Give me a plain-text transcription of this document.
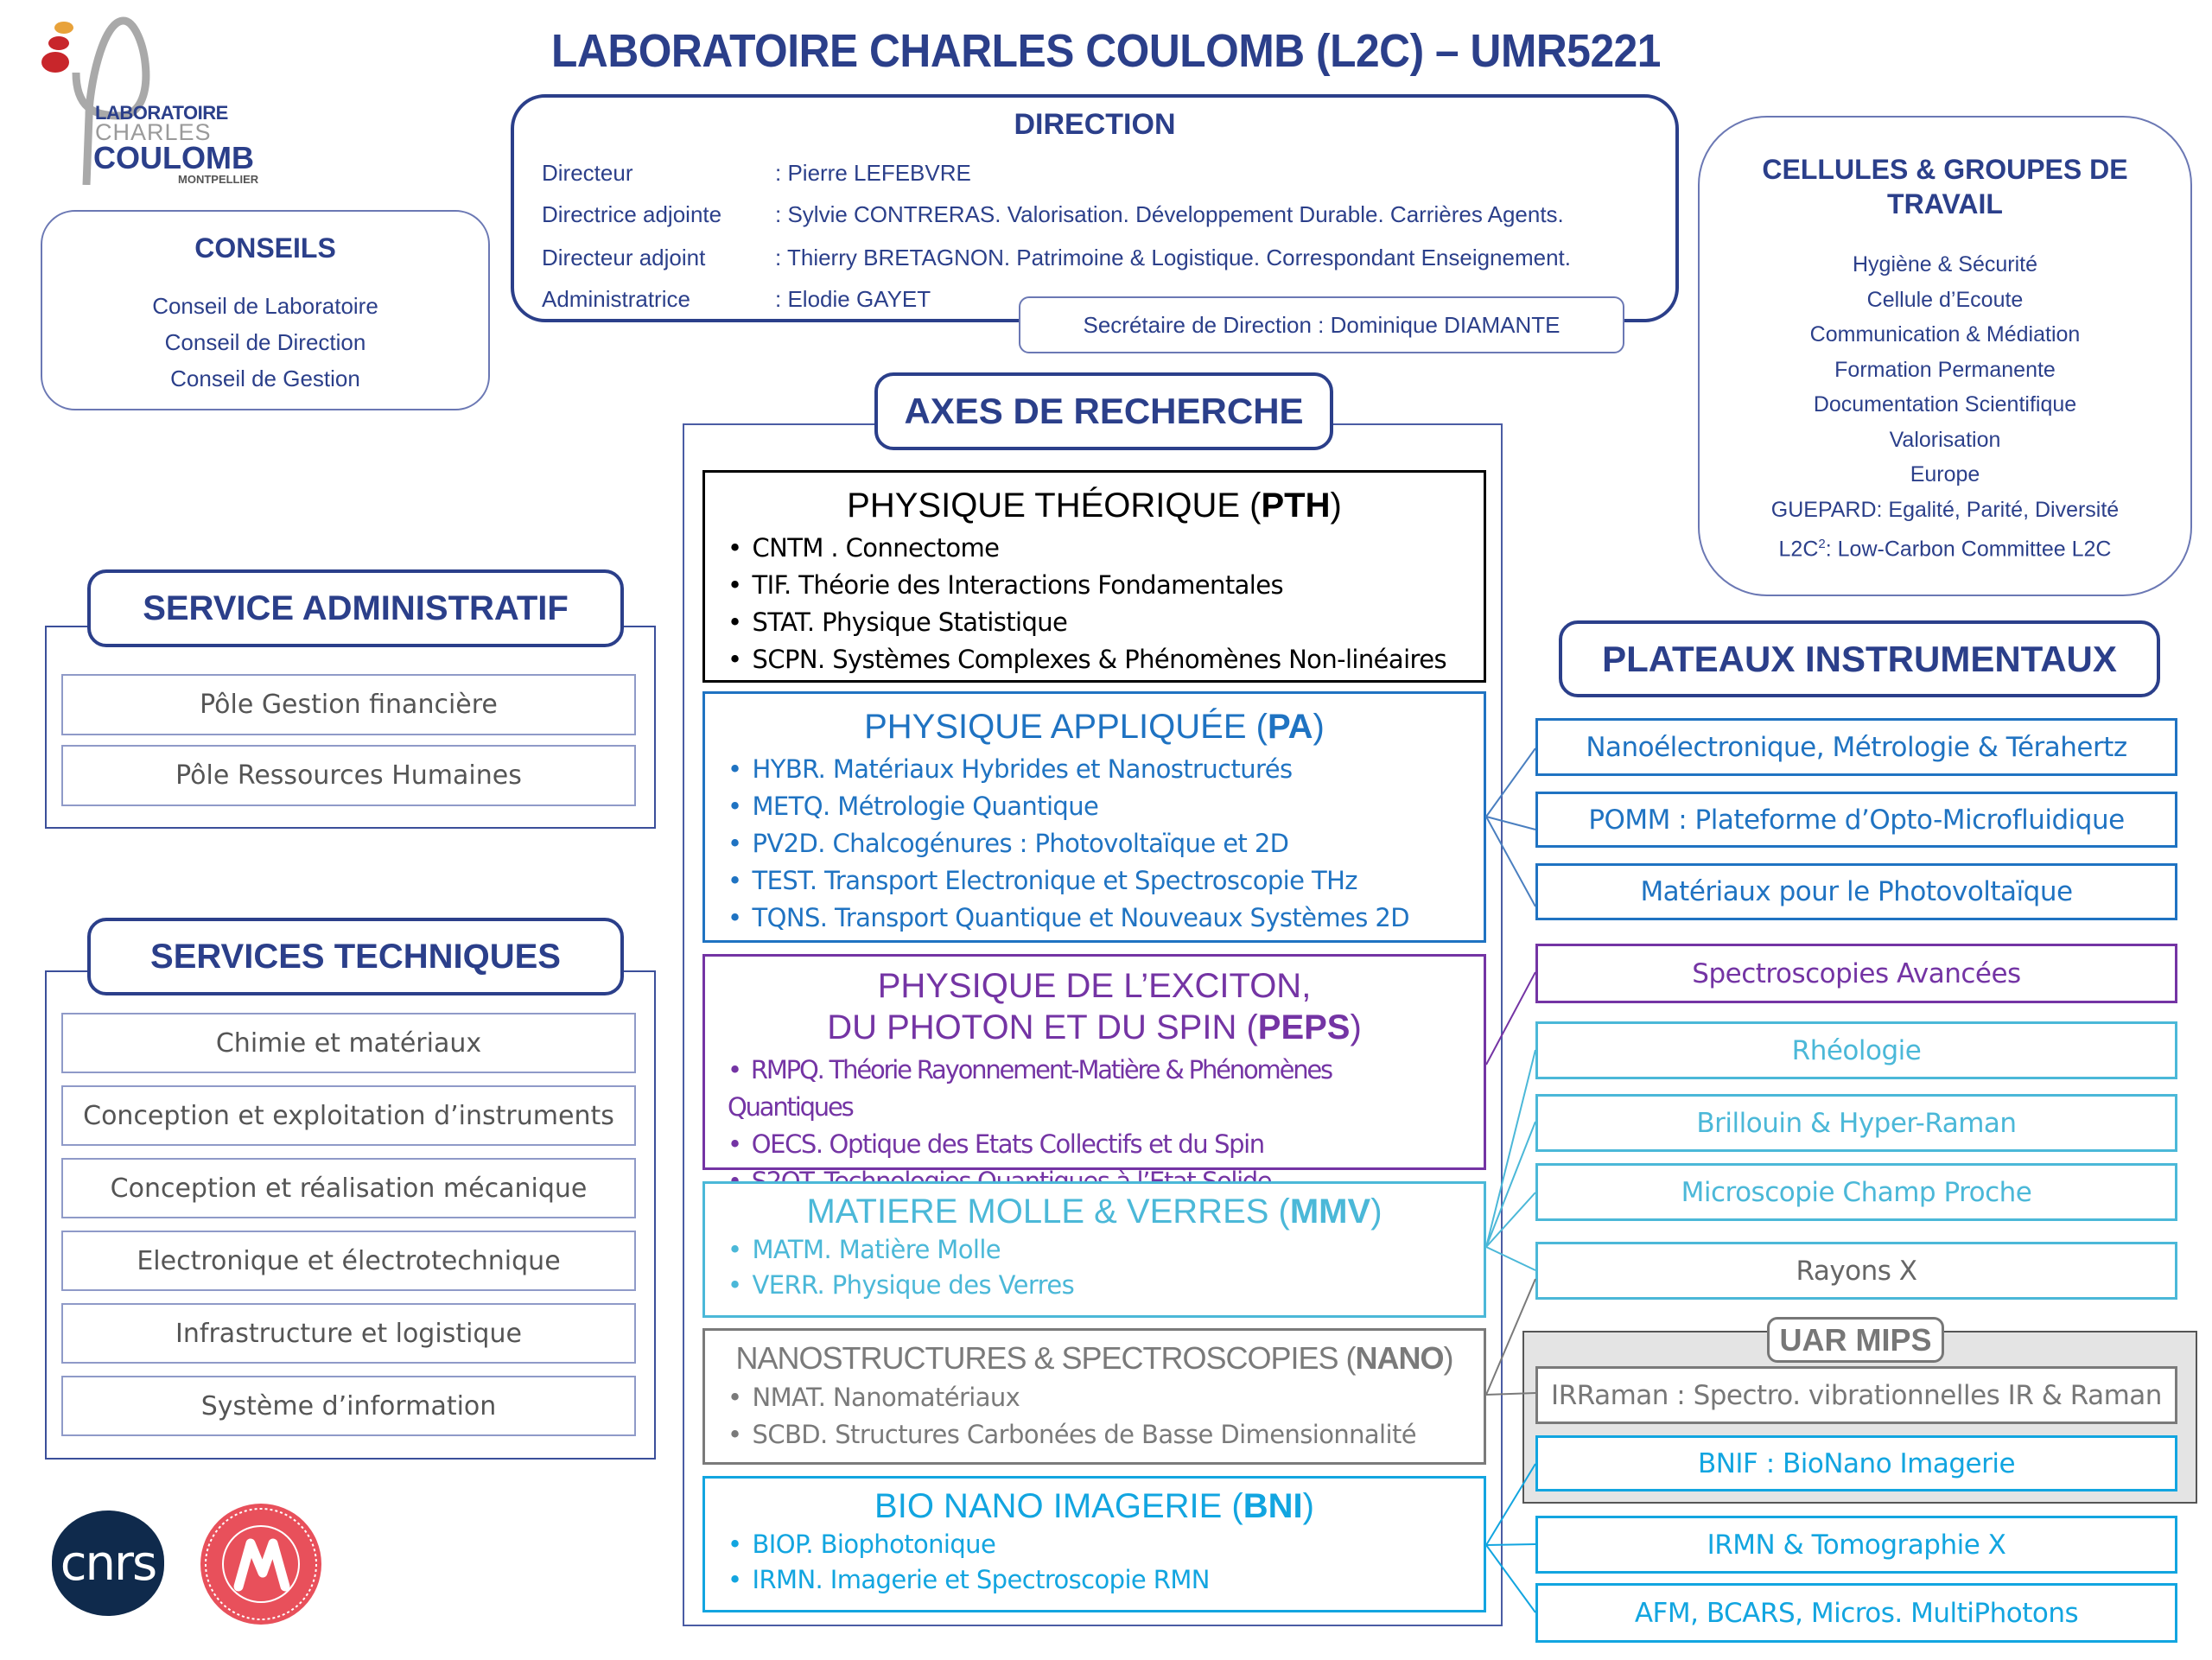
LABORATOIRE CHARLES COULOMB (L2C) – UMR5221
LABORATOIRE
CHARLES
COULOMB
MONTPELLIER
CONSEILS
Conseil de Laboratoire
Conseil de Direction
Conseil de Gestion
DIRECTION
Directeur	: Pierre LEFEBVRE
Directrice adjointe : Sylvie CONTRERAS. Valorisation. Développement Durable. Carrières Agents.
Directeur adjoint	: Thierry BRETAGNON. Patrimoine & Logistique. Correspondant Enseignement.
Administratrice	: Elodie GAYET
Secrétaire de Direction : Dominique DIAMANTE
CELLULES & GROUPES DE
TRAVAIL
Hygiène & Sécurité
Cellule d’Ecoute
Communication & Médiation
Formation Permanente
Documentation Scientifique
Valorisation
Europe
GUEPARD: Egalité, Parité, Diversité
$L2C^2$: Low-Carbon Committee L2C
SERVICE ADMINISTRATIF
Pôle Gestion financière
Pôle Ressources Humaines
SERVICES TECHNIQUES
Chimie et matériaux
Conception et exploitation d’instruments
Conception et réalisation mécanique
Electronique et électrotechnique
Infrastructure et logistique
Système d’information
cnrs
AXES DE RECHERCHE
PHYSIQUE THÉORIQUE (PTH)
• CNTM . Connectome
• TIF. Théorie des Interactions Fondamentales
• STAT. Physique Statistique
• SCPN. Systèmes Complexes & Phénomènes Non-linéaires
PHYSIQUE APPLIQUÉE (PA)
• HYBR. Matériaux Hybrides et Nanostructurés
• METQ. Métrologie Quantique
• PV2D. Chalcogénures : Photovoltaïque et 2D
• TEST. Transport Electronique et Spectroscopie THz
• TQNS. Transport Quantique et Nouveaux Systèmes 2D
PHYSIQUE DE L’EXCITON,
DU PHOTON ET DU SPIN (PEPS)
• RMPQ. Théorie Rayonnement-Matière & Phénomènes Quantiques
• OECS. Optique des Etats Collectifs et du Spin
•
MATIERE MOLLE & VERRES (MMV)
• MATM. Matière Molle
• VERR. Physique des Verres
NANOSTRUCTURES & SPECTROSCOPIES (NANO)
• NMAT. Nanomatériaux
• SCBD. Structures Carbonées de Basse Dimensionnalité
BIO NANO IMAGERIE (BNI)
• BIOP. Biophotonique
• IRMN. Imagerie et Spectroscopie RMN
PLATEAUX INSTRUMENTAUX
UAR MIPS
Nanoélectronique, Métrologie & Térahertz
POMM : Plateforme d’Opto-Microfluidique
Matériaux pour le Photovoltaïque
Spectroscopies Avancées
Rhéologie
Brillouin & Hyper-Raman
Microscopie Champ Proche
Rayons X
IRRaman : Spectro. vibrationnelles IR & Raman
BNIF : BioNano Imagerie
IRMN & Tomographie X
AFM, BCARS, Micros. MultiPhotons
